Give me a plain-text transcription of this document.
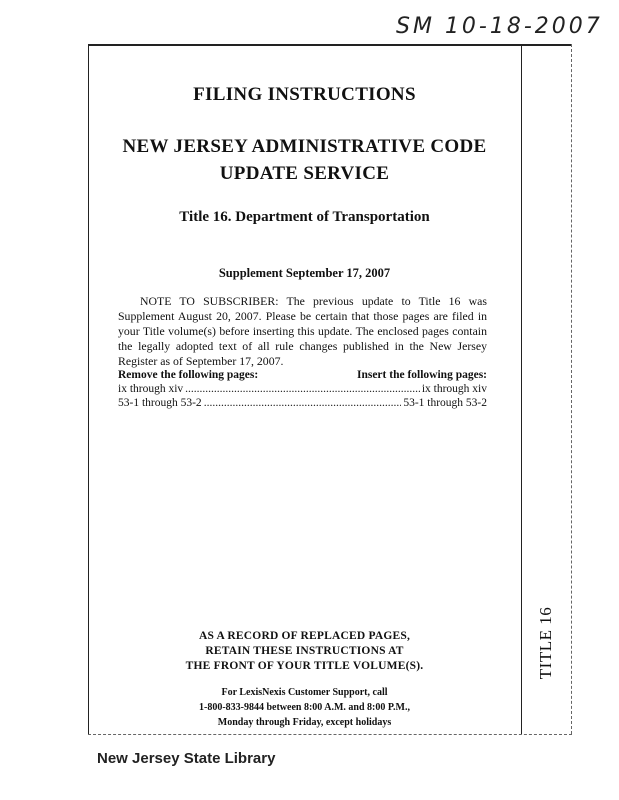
SM 10-18-2007
TITLE 16
FILING INSTRUCTIONS
NEW JERSEY ADMINISTRATIVE CODE
UPDATE SERVICE
Title 16. Department of Transportation
Supplement September 17, 2007
NOTE TO SUBSCRIBER: The previous update to Title 16 was Supplement August 20, 2007. Please be certain that those pages are filed in your Title volume(s) before inserting this update. The enclosed pages contain the legally adopted text of all rule changes published in the New Jersey Register as of September 17, 2007.
Remove the following pages:	Insert the following pages:
ix through xiv .....	ix through xiv
53-1 through 53-2 .....	53-1 through 53-2
AS A RECORD OF REPLACED PAGES,
RETAIN THESE INSTRUCTIONS AT
THE FRONT OF YOUR TITLE VOLUME(S).
For LexisNexis Customer Support, call
1-800-833-9844 between 8:00 A.M. and 8:00 P.M.,
Monday through Friday, except holidays
New Jersey State Library
